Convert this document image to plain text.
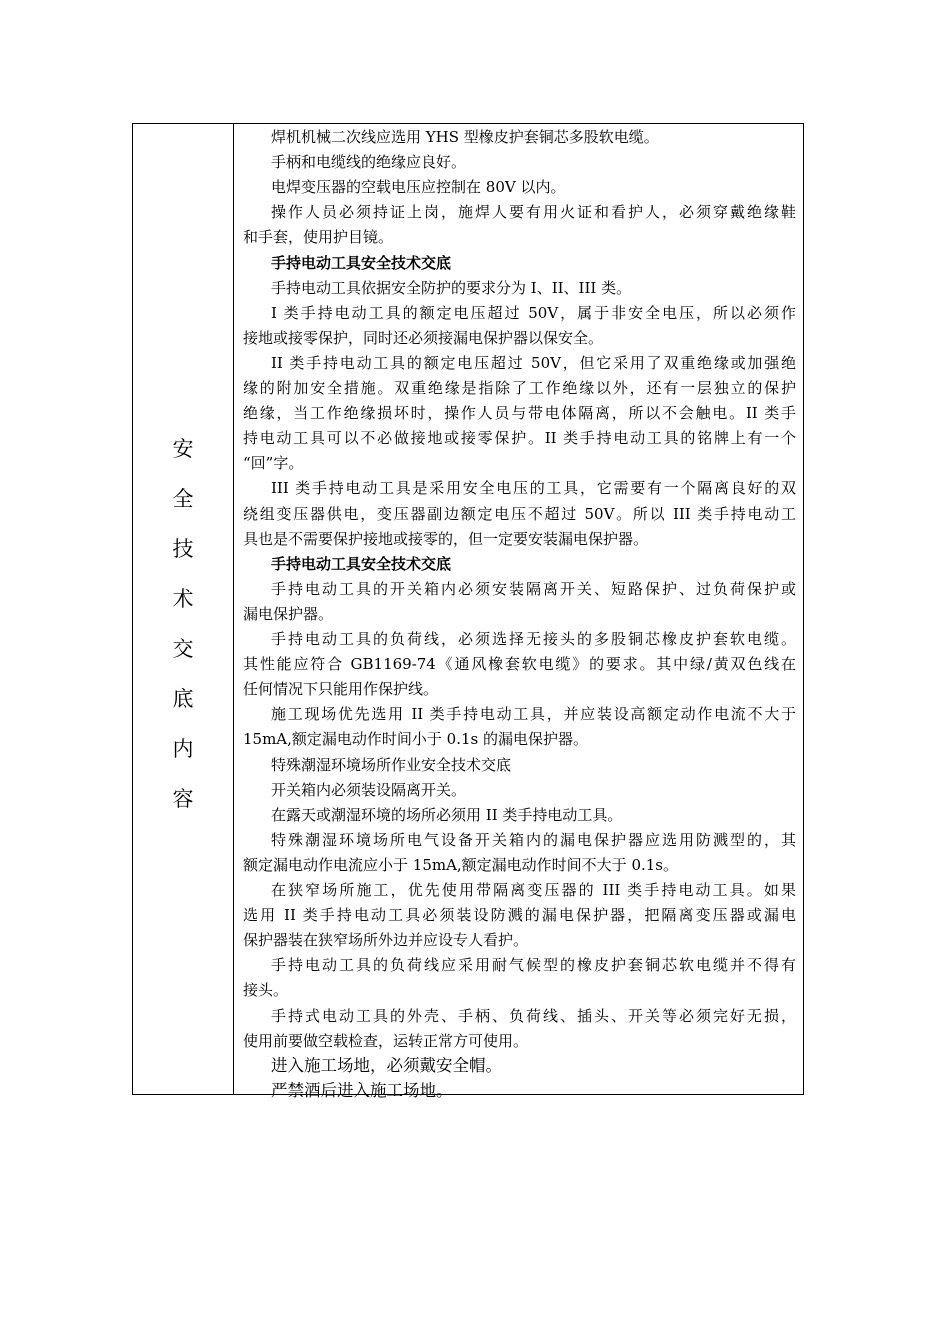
安
全
技
术
交
底
内
容
焊机机械二次线应选用 YHS 型橡皮护套铜芯多股软电缆。
手柄和电缆线的绝缘应良好。
电焊变压器的空载电压应控制在 80V 以内。
操作人员必须持证上岗，施焊人要有用火证和看护人，必须穿戴绝缘鞋
和手套，使用护目镜。
手持电动工具安全技术交底
手持电动工具依据安全防护的要求分为 I、II、III 类。
I 类手持电动工具的额定电压超过 50V，属于非安全电压，所以必须作
接地或接零保护，同时还必须接漏电保护器以保安全。
II 类手持电动工具的额定电压超过 50V，但它采用了双重绝缘或加强绝
缘的附加安全措施。双重绝缘是指除了工作绝缘以外，还有一层独立的保护
绝缘，当工作绝缘损坏时，操作人员与带电体隔离，所以不会触电。II 类手
持电动工具可以不必做接地或接零保护。II 类手持电动工具的铭牌上有一个
“回”字。
III 类手持电动工具是采用安全电压的工具，它需要有一个隔离良好的双
绕组变压器供电，变压器副边额定电压不超过 50V。所以 III 类手持电动工
具也是不需要保护接地或接零的，但一定要安装漏电保护器。
手持电动工具安全技术交底
手持电动工具的开关箱内必须安装隔离开关、短路保护、过负荷保护或
漏电保护器。
手持电动工具的负荷线，必须选择无接头的多股铜芯橡皮护套软电缆。
其性能应符合 GB1169-74《通风橡套软电缆》的要求。其中绿/黄双色线在
任何情况下只能用作保护线。
施工现场优先选用 II 类手持电动工具，并应装设高额定动作电流不大于
15mA,额定漏电动作时间小于 0.1s 的漏电保护器。
特殊潮湿环境场所作业安全技术交底
开关箱内必须装设隔离开关。
在露天或潮湿环境的场所必须用 II 类手持电动工具。
特殊潮湿环境场所电气设备开关箱内的漏电保护器应选用防溅型的，其
额定漏电动作电流应小于 15mA,额定漏电动作时间不大于 0.1s。
在狭窄场所施工，优先使用带隔离变压器的 III 类手持电动工具。如果
选用 II 类手持电动工具必须装设防溅的漏电保护器，把隔离变压器或漏电
保护器装在狭窄场所外边并应设专人看护。
手持电动工具的负荷线应采用耐气候型的橡皮护套铜芯软电缆并不得有
接头。
手持式电动工具的外壳、手柄、负荷线、插头、开关等必须完好无损，
使用前要做空载检查，运转正常方可使用。
进入施工场地，必须戴安全帽。
严禁酒后进入施工场地。
